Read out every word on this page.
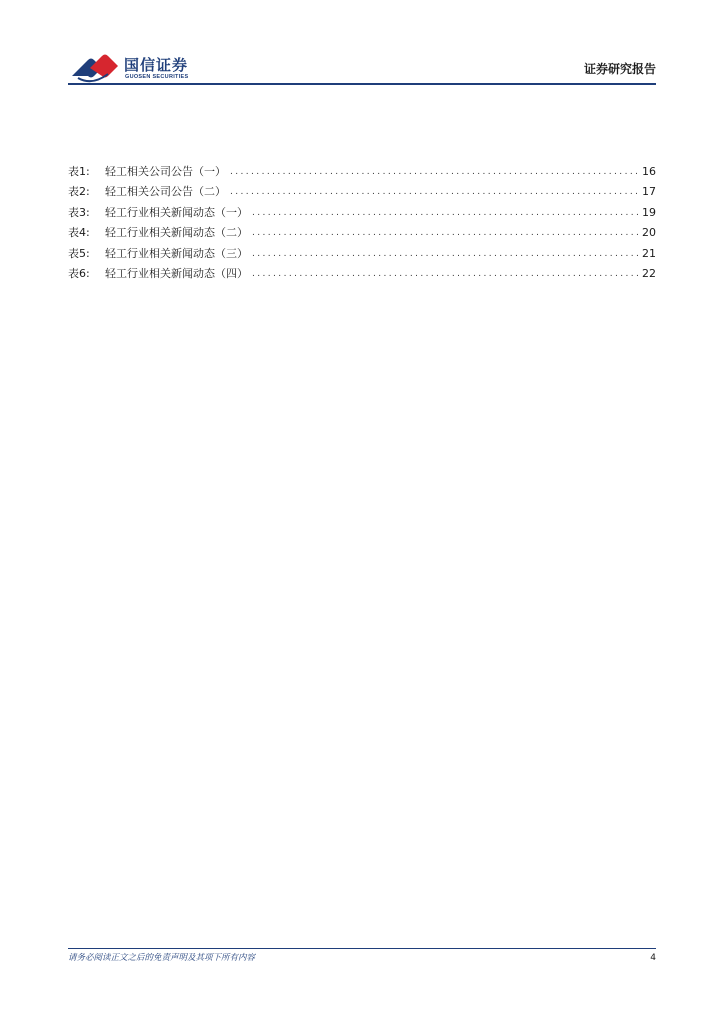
国信证券
GUOSEN SECURITIES
证券研究报告
表1:	轻工相关公司公告（一） .....	16
表2:	轻工相关公司公告（二） .....	17
表3:	轻工行业相关新闻动态（一） .....	19
表4:	轻工行业相关新闻动态（二） .....	20
表5:	轻工行业相关新闻动态（三） .....	21
表6:	轻工行业相关新闻动态（四） .....	22
请务必阅读正文之后的免责声明及其项下所有内容	4
